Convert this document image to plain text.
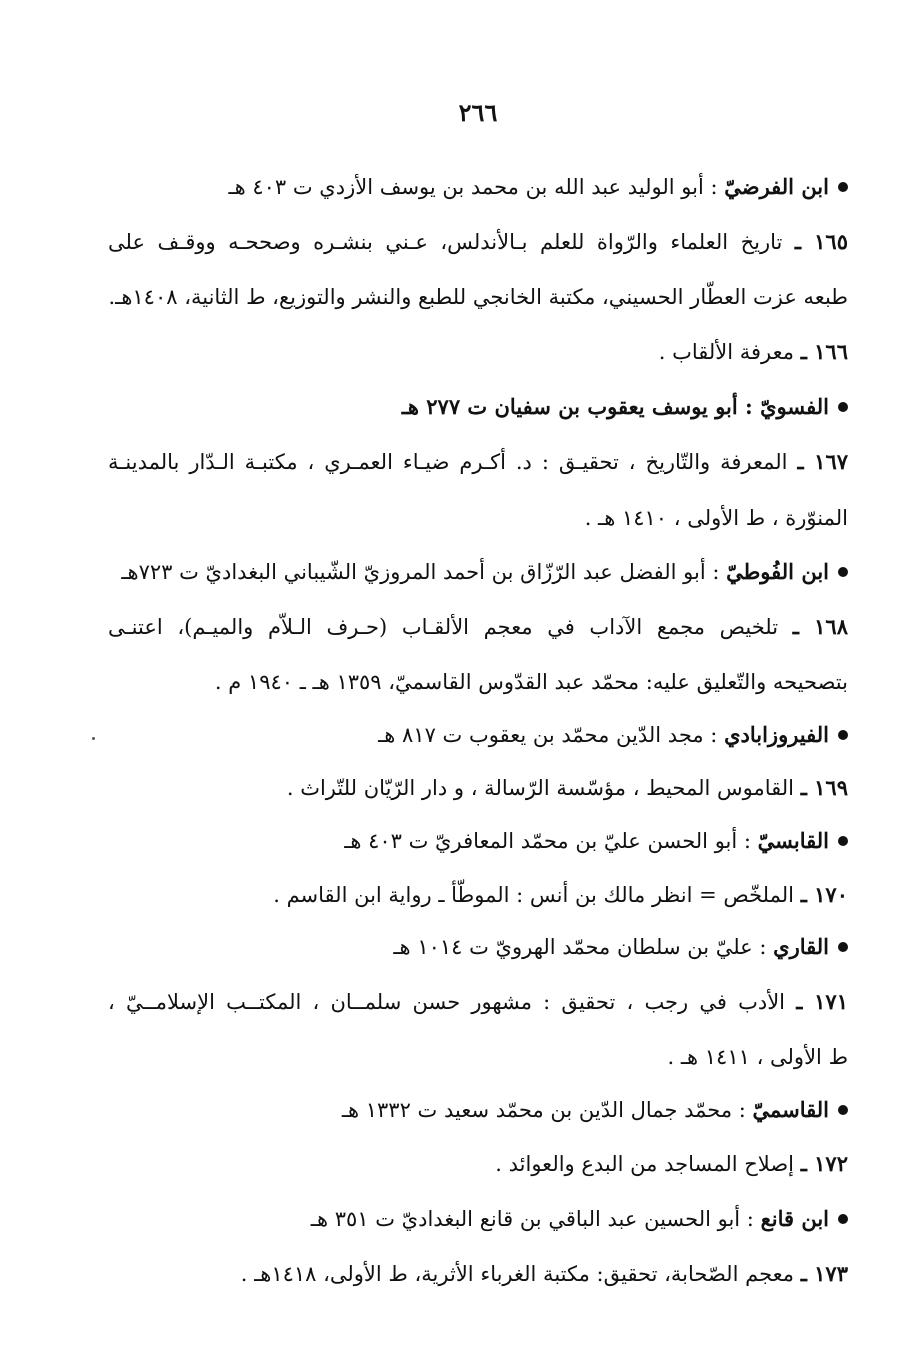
٢٦٦
ابن الفرضيّ : أبو الوليد عبد الله بن محمد بن يوسف الأزدي ت ٤٠٣ هـ
١٦٥ ـ تاريخ العلماء والرّواة للعلم بـالأندلس، عـني بنشـره وصححـه ووقـف على
طبعه عزت العطّار الحسيني، مكتبة الخانجي للطبع والنشر والتوزيع، ط الثانية، ١٤٠٨هـ.
١٦٦ ـ معرفة الألقاب .
الفسويّ : أبو يوسف يعقوب بن سفيان ت ٢٧٧ هـ
١٦٧ ـ المعرفة والتّاريخ ، تحقيـق : د. أكـرم ضيـاء العمـري ، مكتبـة الـدّار بالمدينـة
المنوّرة ، ط الأولى ، ١٤١٠ هـ .
ابن الفُوطيّ : أبو الفضل عبد الرّزّاق بن أحمد المروزيّ الشّيباني البغداديّ ت ٧٢٣هـ
١٦٨ ـ تلخيص مجمع الآداب في معجم الألقـاب (حـرف الـلاّم والميـم)، اعتنـى
بتصحيحه والتّعليق عليه: محمّد عبد القدّوس القاسميّ، ١٣٥٩ هـ ـ ١٩٤٠ م .
الفيروزابادي : مجد الدّين محمّد بن يعقوب ت ٨١٧ هـ
١٦٩ ـ القاموس المحيط ، مؤسّسة الرّسالة ، و دار الرّيّان للتّراث .
القابسيّ : أبو الحسن عليّ بن محمّد المعافريّ ت ٤٠٣ هـ
١٧٠ ـ الملخّص = انظر مالك بن أنس : الموطّأ ـ رواية ابن القاسم .
القاري : عليّ بن سلطان محمّد الهرويّ ت ١٠١٤ هـ
١٧١ ـ الأدب في رجب ، تحقيق : مشهور حسن سلمــان ، المكتــب الإسلامــيّ ،
ط الأولى ، ١٤١١ هـ .
القاسميّ : محمّد جمال الدّين بن محمّد سعيد ت ١٣٣٢ هـ
١٧٢ ـ إصلاح المساجد من البدع والعوائد .
ابن قانع : أبو الحسين عبد الباقي بن قانع البغداديّ ت ٣٥١ هـ
١٧٣ ـ معجم الصّحابة، تحقيق: مكتبة الغرباء الأثرية، ط الأولى، ١٤١٨هـ .
